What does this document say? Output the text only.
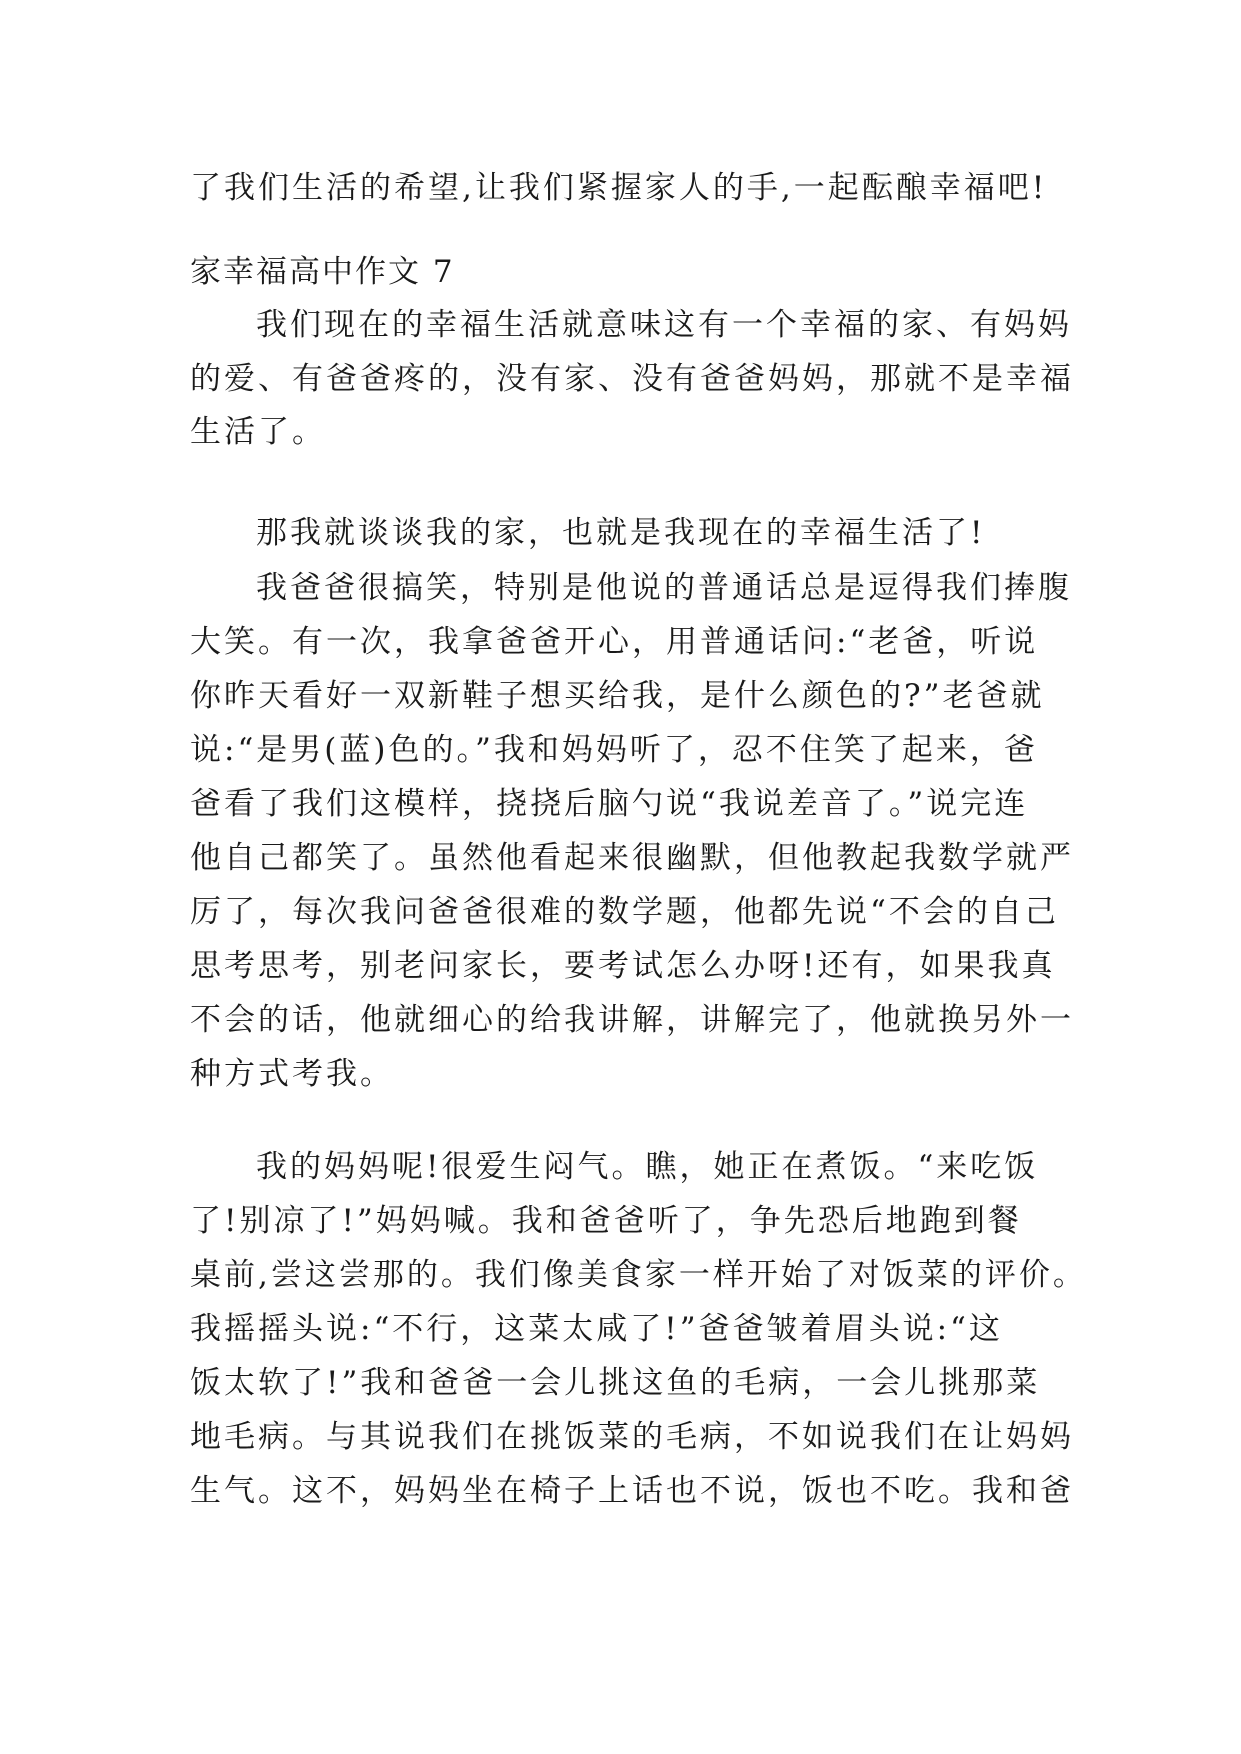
了我们生活的希望,让我们紧握家人的手,一起酝酿幸福吧!
家幸福高中作文 7
我们现在的幸福生活就意味这有一个幸福的家、有妈妈
的爱、有爸爸疼的，没有家、没有爸爸妈妈，那就不是幸福
生活了。
那我就谈谈我的家，也就是我现在的幸福生活了!
我爸爸很搞笑，特别是他说的普通话总是逗得我们捧腹
大笑。有一次，我拿爸爸开心，用普通话问:“老爸，听说
你昨天看好一双新鞋子想买给我，是什么颜色的?”老爸就
说:“是男(蓝)色的。”我和妈妈听了，忍不住笑了起来，爸
爸看了我们这模样，挠挠后脑勺说“我说差音了。”说完连
他自己都笑了。虽然他看起来很幽默，但他教起我数学就严
厉了，每次我问爸爸很难的数学题，他都先说“不会的自己
思考思考，别老问家长，要考试怎么办呀!还有，如果我真
不会的话，他就细心的给我讲解，讲解完了，他就换另外一
种方式考我。
我的妈妈呢!很爱生闷气。瞧，她正在煮饭。“来吃饭
了!别凉了!”妈妈喊。我和爸爸听了，争先恐后地跑到餐
桌前,尝这尝那的。我们像美食家一样开始了对饭菜的评价。
我摇摇头说:“不行，这菜太咸了!”爸爸皱着眉头说:“这
饭太软了!”我和爸爸一会儿挑这鱼的毛病，一会儿挑那菜
地毛病。与其说我们在挑饭菜的毛病，不如说我们在让妈妈
生气。这不，妈妈坐在椅子上话也不说，饭也不吃。我和爸
